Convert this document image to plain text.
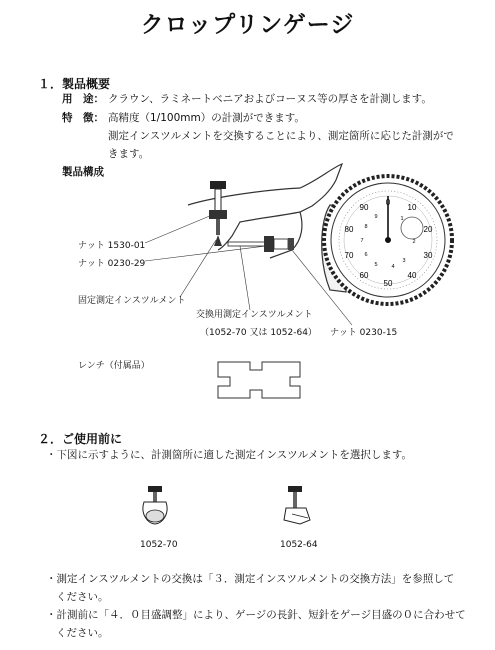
クロップリンゲージ
１．製品概要
用　途： クラウン、ラミネートベニアおよびコーヌス等の厚さを計測します。
特　徴： 高精度（1/100mm）の計測ができます。
測定インスツルメントを交換することにより、測定箇所に応じた計測がで
きます。
製品構成
0
10
20
30
40
50
60
70
80
90
1
2
3
4
5
6
7
8
9
ナット 1530-01
ナット 0230-29
固定測定インスツルメント
交換用測定インスツルメント
（1052-70 又は 1052-64） ナット 0230-15
レンチ（付属品）
２．ご使用前に
・下図に示すように、計測箇所に適した測定インスツルメントを選択します。
1052-70	1052-64
・測定インスツルメントの交換は「３．測定インスツルメントの交換方法」を参照して
ください。
・計測前に「４．０目盛調整」により、ゲージの長針、短針をゲージ目盛の０に合わせて
ください。
